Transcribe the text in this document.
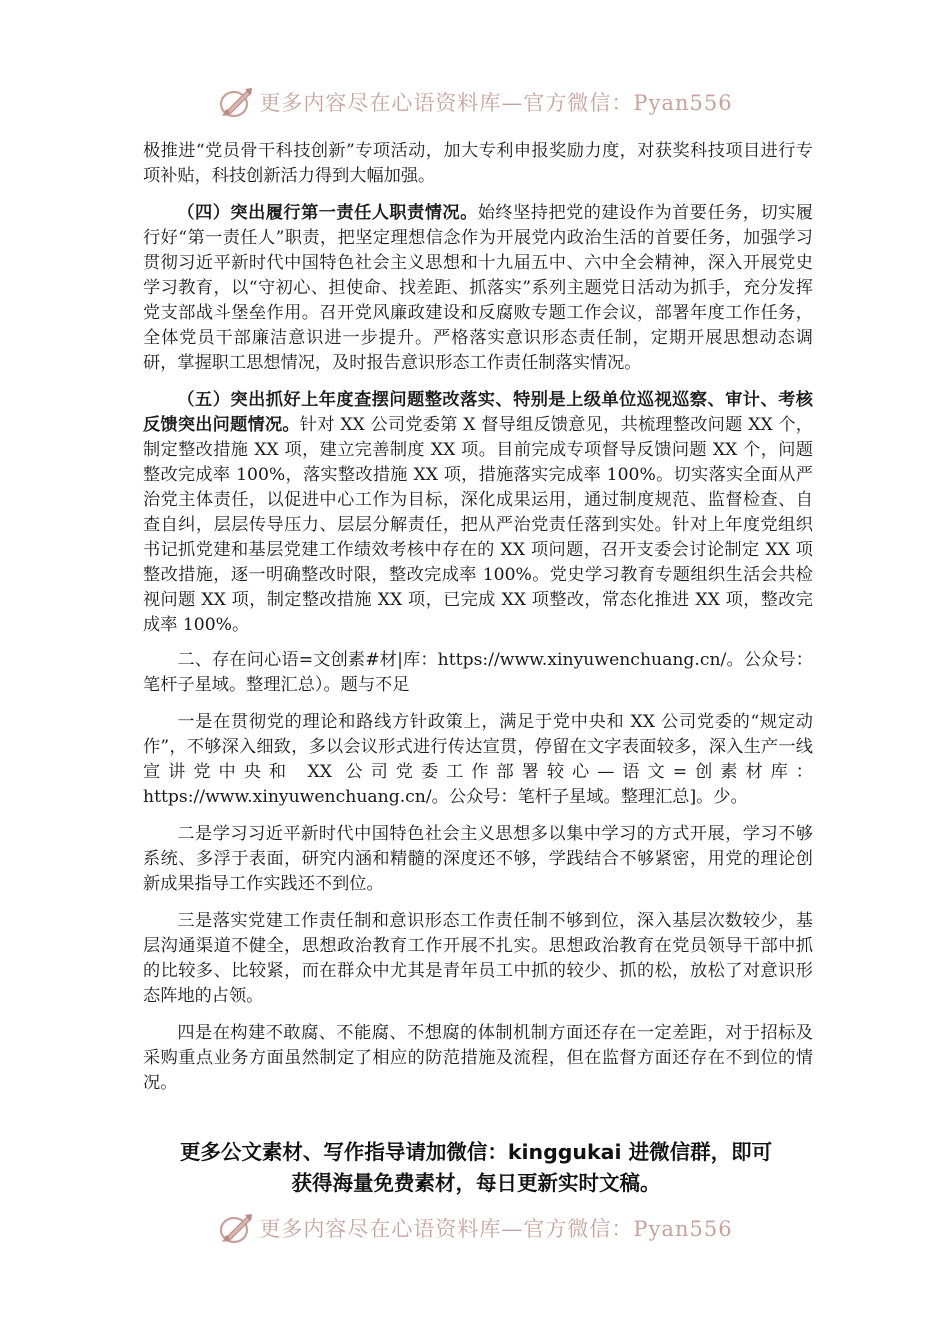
更多内容尽在心语资料库—官方微信：Pyan556

极推进“党员骨干科技创新”专项活动，加大专利申报奖励力度，对获奖科技项目进行专项补贴，科技创新活力得到大幅加强。

（四）突出履行第一责任人职责情况。始终坚持把党的建设作为首要任务，切实履行好“第一责任人”职责，把坚定理想信念作为开展党内政治生活的首要任务，加强学习贯彻习近平新时代中国特色社会主义思想和十九届五中、六中全会精神，深入开展党史学习教育，以“守初心、担使命、找差距、抓落实”系列主题党日活动为抓手，充分发挥党支部战斗堡垒作用。召开党风廉政建设和反腐败专题工作会议，部署年度工作任务，全体党员干部廉洁意识进一步提升。严格落实意识形态责任制，定期开展思想动态调研，掌握职工思想情况，及时报告意识形态工作责任制落实情况。

（五）突出抓好上年度查摆问题整改落实、特别是上级单位巡视巡察、审计、考核反馈突出问题情况。针对 XX 公司党委第 X 督导组反馈意见，共梳理整改问题 XX 个，制定整改措施 XX 项，建立完善制度 XX 项。目前完成专项督导反馈问题 XX 个，问题整改完成率 100%，落实整改措施 XX 项，措施落实完成率 100%。切实落实全面从严治党主体责任，以促进中心工作为目标，深化成果运用，通过制度规范、监督检查、自查自纠，层层传导压力、层层分解责任，把从严治党责任落到实处。针对上年度党组织书记抓党建和基层党建工作绩效考核中存在的 XX 项问题，召开支委会讨论制定 XX 项整改措施，逐一明确整改时限，整改完成率 100%。党史学习教育专题组织生活会共检视问题 XX 项，制定整改措施 XX 项，已完成 XX 项整改，常态化推进 XX 项，整改完成率 100%。

二、存在问心语=文创素#材|库：https://www.xinyuwenchuang.cn/。公众号：笔杆子星域。整理汇总）。题与不足

一是在贯彻党的理论和路线方针政策上，满足于党中央和 XX 公司党委的“规定动作”，不够深入细致，多以会议形式进行传达宣贯，停留在文字表面较多，深入生产一线宣讲党中央和 XX 公司党委工作部署较心—语文=创素材库：https://www.xinyuwenchuang.cn/。公众号：笔杆子星域。整理汇总]。少。

二是学习习近平新时代中国特色社会主义思想多以集中学习的方式开展，学习不够系统、多浮于表面，研究内涵和精髓的深度还不够，学践结合不够紧密，用党的理论创新成果指导工作实践还不到位。

三是落实党建工作责任制和意识形态工作责任制不够到位，深入基层次数较少，基层沟通渠道不健全，思想政治教育工作开展不扎实。思想政治教育在党员领导干部中抓的比较多、比较紧，而在群众中尤其是青年员工中抓的较少、抓的松，放松了对意识形态阵地的占领。

四是在构建不敢腐、不能腐、不想腐的体制机制方面还存在一定差距，对于招标及采购重点业务方面虽然制定了相应的防范措施及流程，但在监督方面还存在不到位的情况。

更多公文素材、写作指导请加微信：kinggukai 进微信群，即可
获得海量免费素材，每日更新实时文稿。
更多内容尽在心语资料库—官方微信：Pyan556
